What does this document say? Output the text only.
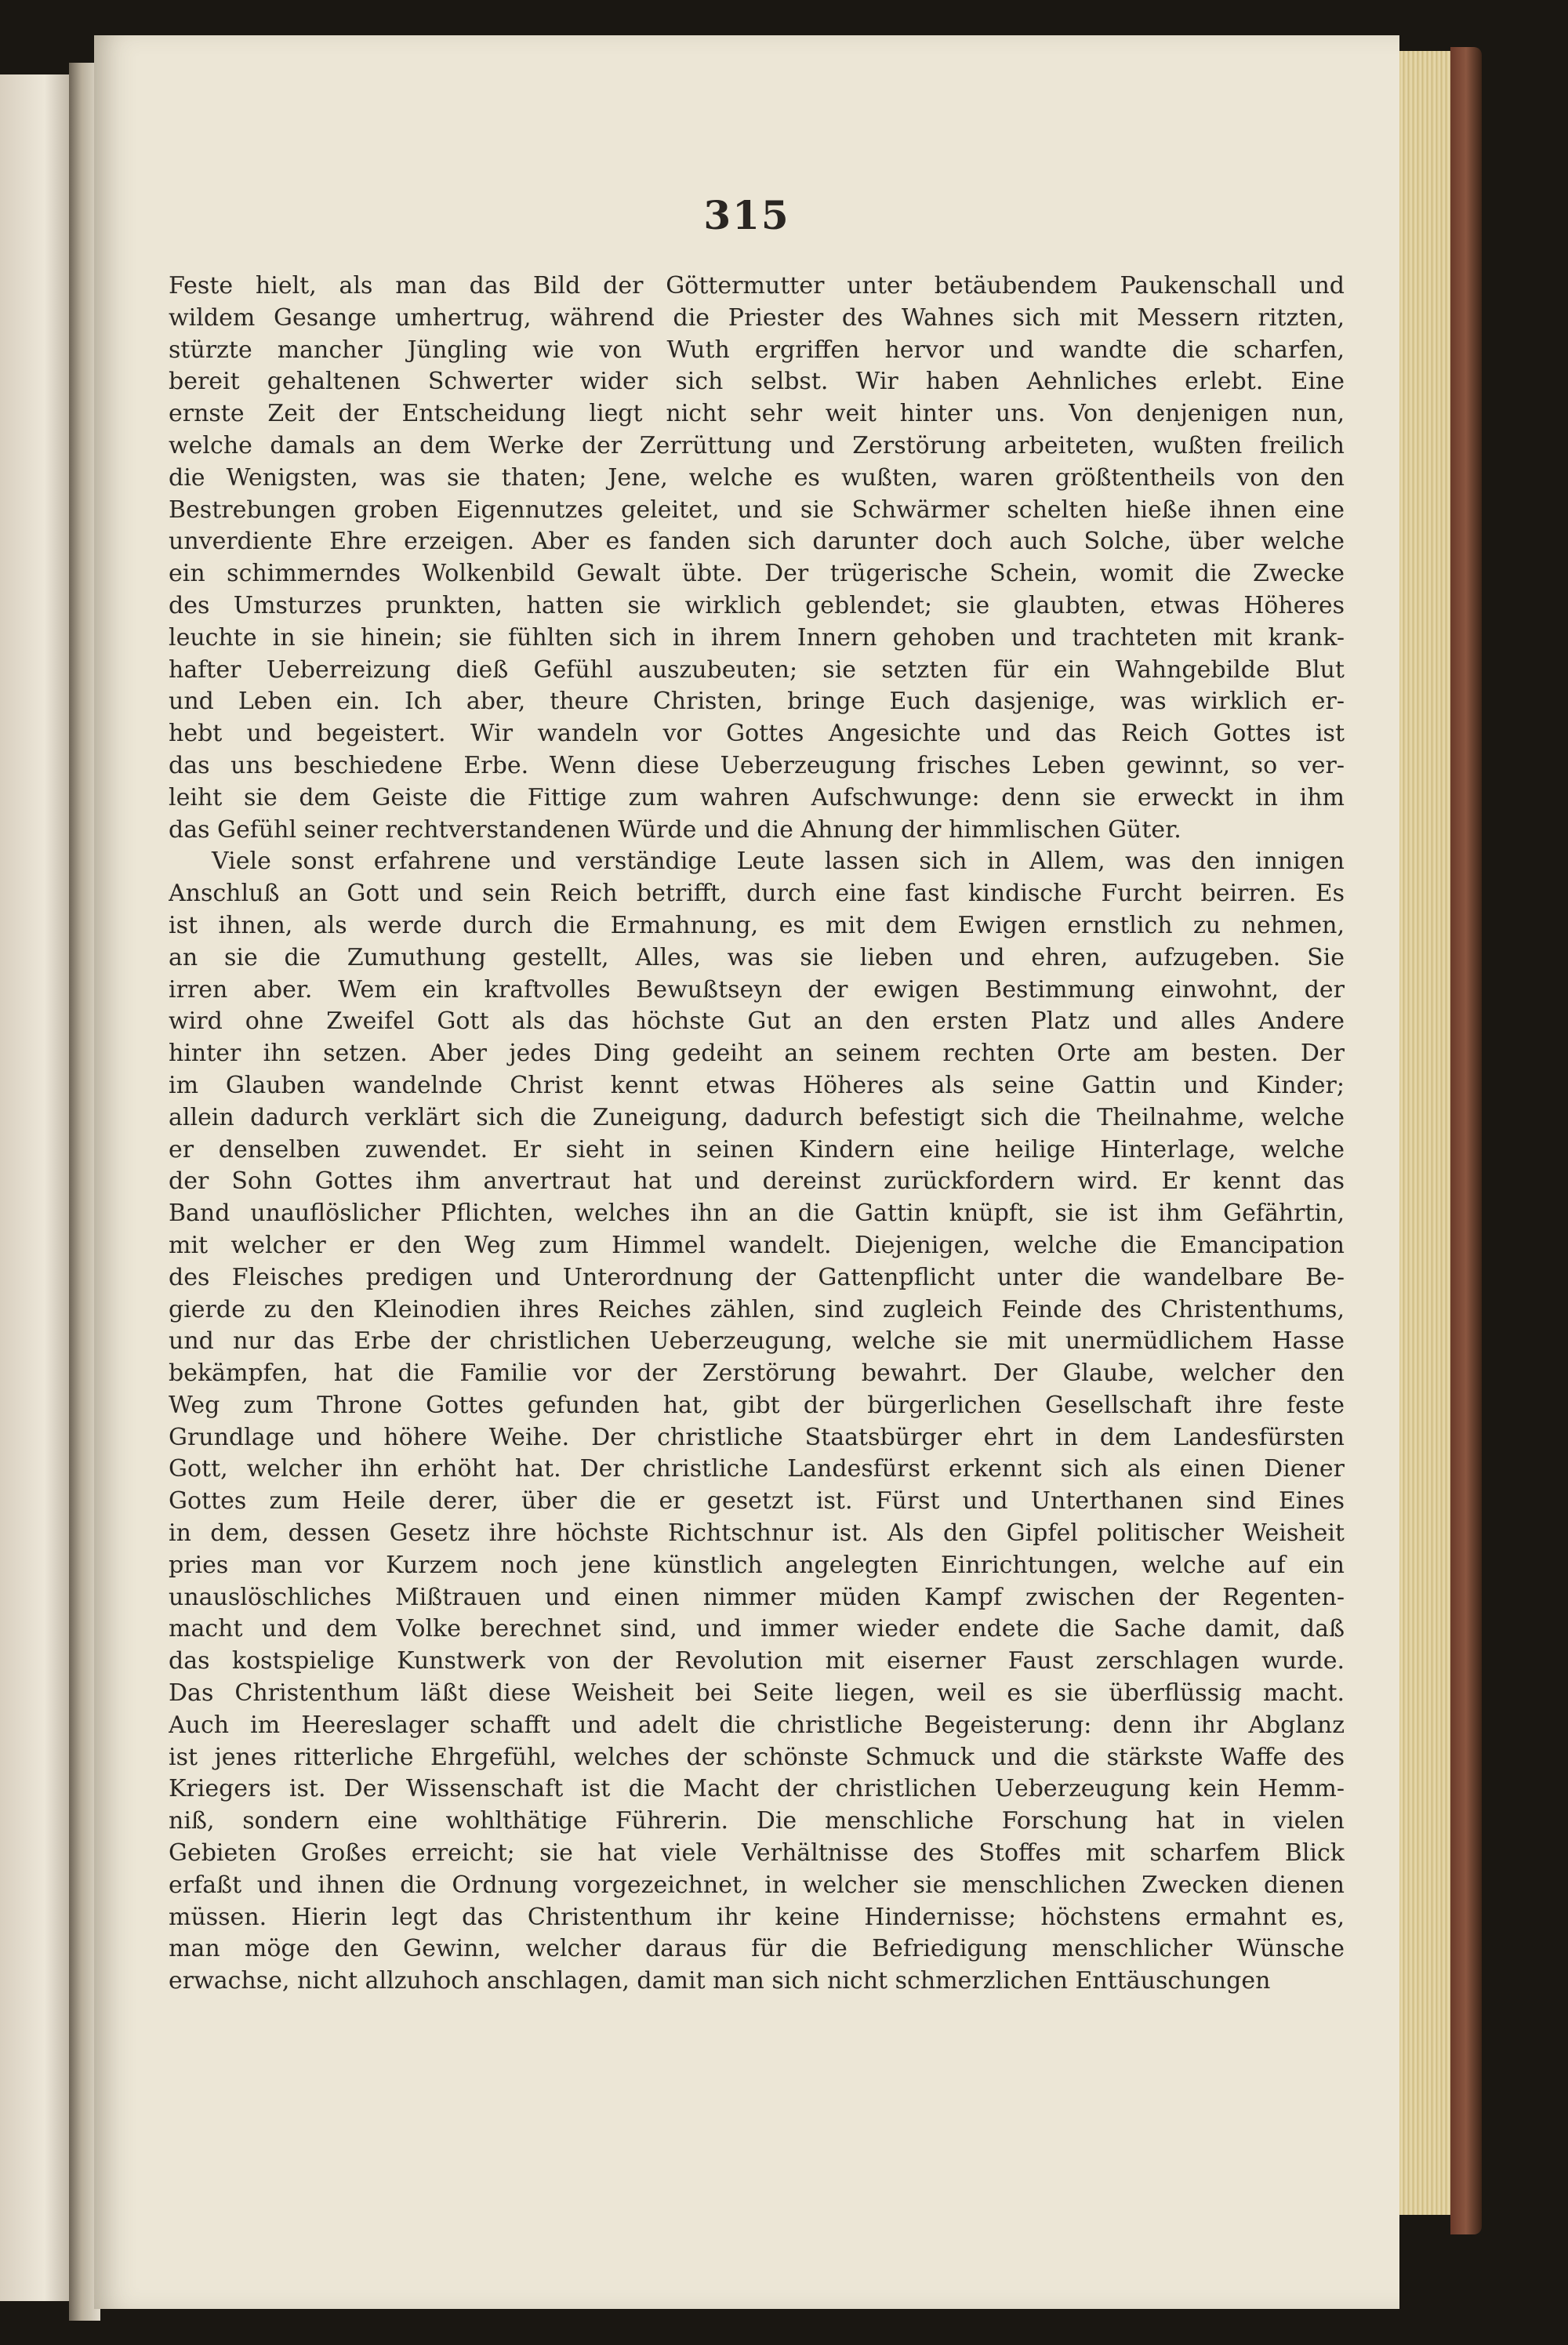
315
Feste hielt, als man das Bild der Göttermutter unter betäubendem Paukenschall und
wildem Gesange umhertrug, während die Priester des Wahnes sich mit Messern ritzten,
stürzte mancher Jüngling wie von Wuth ergriffen hervor und wandte die scharfen,
bereit gehaltenen Schwerter wider sich selbst. Wir haben Aehnliches erlebt. Eine
ernste Zeit der Entscheidung liegt nicht sehr weit hinter uns. Von denjenigen nun,
welche damals an dem Werke der Zerrüttung und Zerstörung arbeiteten, wußten freilich
die Wenigsten, was sie thaten; Jene, welche es wußten, waren größtentheils von den
Bestrebungen groben Eigennutzes geleitet, und sie Schwärmer schelten hieße ihnen eine
unverdiente Ehre erzeigen. Aber es fanden sich darunter doch auch Solche, über welche
ein schimmerndes Wolkenbild Gewalt übte. Der trügerische Schein, womit die Zwecke
des Umsturzes prunkten, hatten sie wirklich geblendet; sie glaubten, etwas Höheres
leuchte in sie hinein; sie fühlten sich in ihrem Innern gehoben und trachteten mit krank-
hafter Ueberreizung dieß Gefühl auszubeuten; sie setzten für ein Wahngebilde Blut
und Leben ein. Ich aber, theure Christen, bringe Euch dasjenige, was wirklich er-
hebt und begeistert. Wir wandeln vor Gottes Angesichte und das Reich Gottes ist
das uns beschiedene Erbe. Wenn diese Ueberzeugung frisches Leben gewinnt, so ver-
leiht sie dem Geiste die Fittige zum wahren Aufschwunge: denn sie erweckt in ihm
das Gefühl seiner rechtverstandenen Würde und die Ahnung der himmlischen Güter.
Viele sonst erfahrene und verständige Leute lassen sich in Allem, was den innigen
Anschluß an Gott und sein Reich betrifft, durch eine fast kindische Furcht beirren. Es
ist ihnen, als werde durch die Ermahnung, es mit dem Ewigen ernstlich zu nehmen,
an sie die Zumuthung gestellt, Alles, was sie lieben und ehren, aufzugeben. Sie
irren aber. Wem ein kraftvolles Bewußtseyn der ewigen Bestimmung einwohnt, der
wird ohne Zweifel Gott als das höchste Gut an den ersten Platz und alles Andere
hinter ihn setzen. Aber jedes Ding gedeiht an seinem rechten Orte am besten. Der
im Glauben wandelnde Christ kennt etwas Höheres als seine Gattin und Kinder;
allein dadurch verklärt sich die Zuneigung, dadurch befestigt sich die Theilnahme, welche
er denselben zuwendet. Er sieht in seinen Kindern eine heilige Hinterlage, welche
der Sohn Gottes ihm anvertraut hat und dereinst zurückfordern wird. Er kennt das
Band unauflöslicher Pflichten, welches ihn an die Gattin knüpft, sie ist ihm Gefährtin,
mit welcher er den Weg zum Himmel wandelt. Diejenigen, welche die Emancipation
des Fleisches predigen und Unterordnung der Gattenpflicht unter die wandelbare Be-
gierde zu den Kleinodien ihres Reiches zählen, sind zugleich Feinde des Christenthums,
und nur das Erbe der christlichen Ueberzeugung, welche sie mit unermüdlichem Hasse
bekämpfen, hat die Familie vor der Zerstörung bewahrt. Der Glaube, welcher den
Weg zum Throne Gottes gefunden hat, gibt der bürgerlichen Gesellschaft ihre feste
Grundlage und höhere Weihe. Der christliche Staatsbürger ehrt in dem Landesfürsten
Gott, welcher ihn erhöht hat. Der christliche Landesfürst erkennt sich als einen Diener
Gottes zum Heile derer, über die er gesetzt ist. Fürst und Unterthanen sind Eines
in dem, dessen Gesetz ihre höchste Richtschnur ist. Als den Gipfel politischer Weisheit
pries man vor Kurzem noch jene künstlich angelegten Einrichtungen, welche auf ein
unauslöschliches Mißtrauen und einen nimmer müden Kampf zwischen der Regenten-
macht und dem Volke berechnet sind, und immer wieder endete die Sache damit, daß
das kostspielige Kunstwerk von der Revolution mit eiserner Faust zerschlagen wurde.
Das Christenthum läßt diese Weisheit bei Seite liegen, weil es sie überflüssig macht.
Auch im Heereslager schafft und adelt die christliche Begeisterung: denn ihr Abglanz
ist jenes ritterliche Ehrgefühl, welches der schönste Schmuck und die stärkste Waffe des
Kriegers ist. Der Wissenschaft ist die Macht der christlichen Ueberzeugung kein Hemm-
niß, sondern eine wohlthätige Führerin. Die menschliche Forschung hat in vielen
Gebieten Großes erreicht; sie hat viele Verhältnisse des Stoffes mit scharfem Blick
erfaßt und ihnen die Ordnung vorgezeichnet, in welcher sie menschlichen Zwecken dienen
müssen. Hierin legt das Christenthum ihr keine Hindernisse; höchstens ermahnt es,
man möge den Gewinn, welcher daraus für die Befriedigung menschlicher Wünsche
erwachse, nicht allzuhoch anschlagen, damit man sich nicht schmerzlichen Enttäuschungen
